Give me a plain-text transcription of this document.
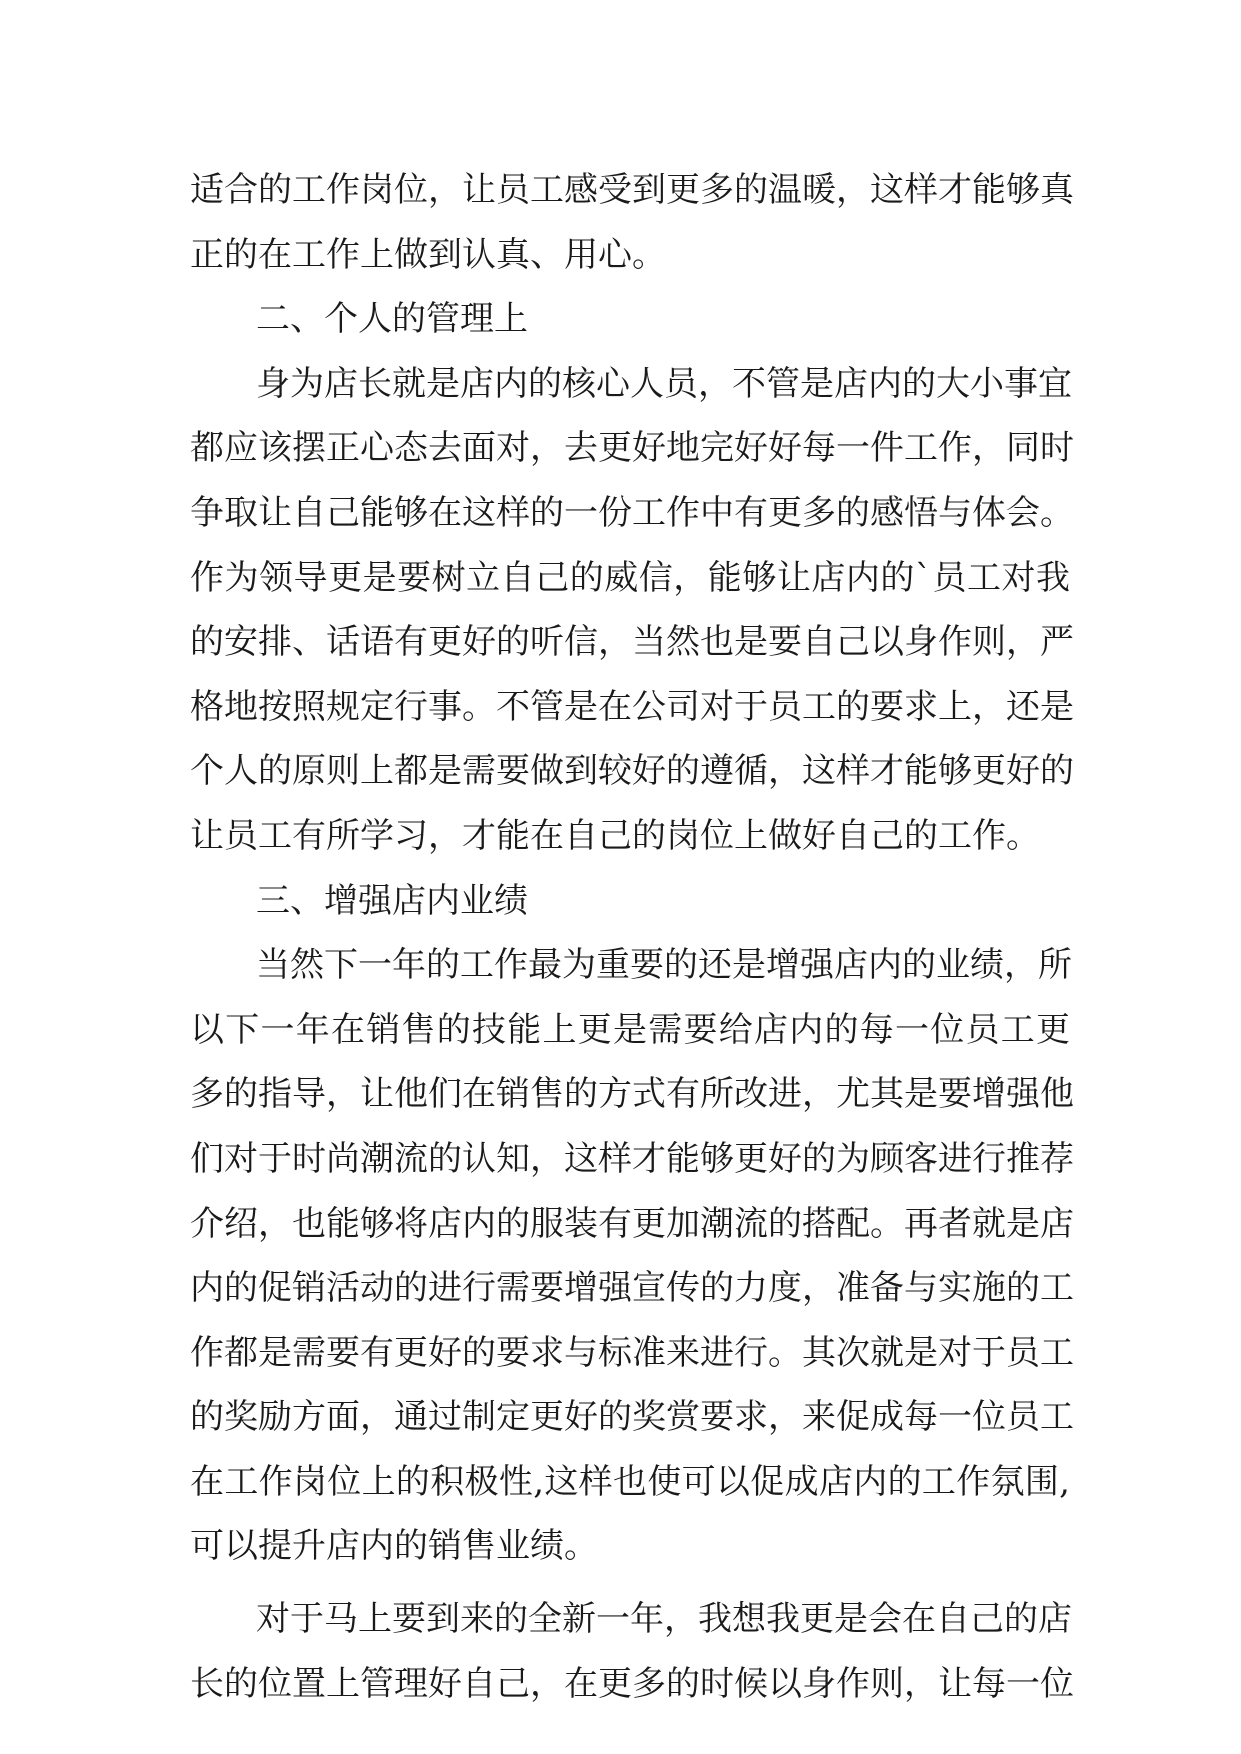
适合的工作岗位，让员工感受到更多的温暖，这样才能够真
正的在工作上做到认真、用心。
二、个人的管理上
身为店长就是店内的核心人员，不管是店内的大小事宜
都应该摆正心态去面对，去更好地完好好每一件工作，同时
争取让自己能够在这样的一份工作中有更多的感悟与体会。
作为领导更是要树立自己的威信，能够让店内的`员工对我
的安排、话语有更好的听信，当然也是要自己以身作则，严
格地按照规定行事。不管是在公司对于员工的要求上，还是
个人的原则上都是需要做到较好的遵循，这样才能够更好的
让员工有所学习，才能在自己的岗位上做好自己的工作。
三、增强店内业绩
当然下一年的工作最为重要的还是增强店内的业绩，所
以下一年在销售的技能上更是需要给店内的每一位员工更
多的指导，让他们在销售的方式有所改进，尤其是要增强他
们对于时尚潮流的认知，这样才能够更好的为顾客进行推荐
介绍，也能够将店内的服装有更加潮流的搭配。再者就是店
内的促销活动的进行需要增强宣传的力度，准备与实施的工
作都是需要有更好的要求与标准来进行。其次就是对于员工
的奖励方面，通过制定更好的奖赏要求，来促成每一位员工
在工作岗位上的积极性,这样也使可以促成店内的工作氛围,
可以提升店内的销售业绩。
对于马上要到来的全新一年，我想我更是会在自己的店
长的位置上管理好自己，在更多的时候以身作则，让每一位
